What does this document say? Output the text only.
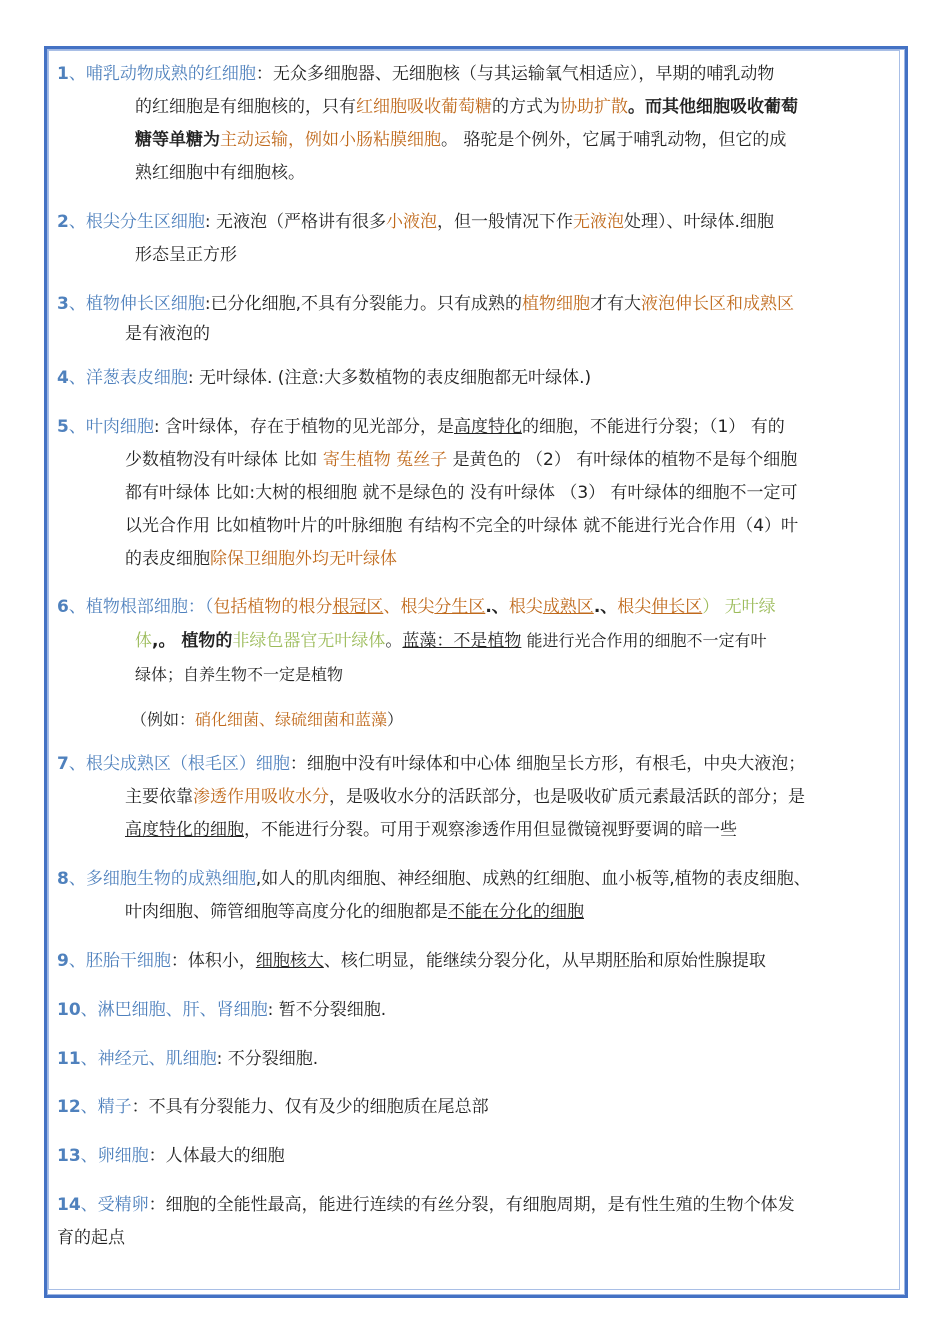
1、哺乳动物成熟的红细胞：无众多细胞器、无细胞核（与其运输氧气相适应），早期的哺乳动物
的红细胞是有细胞核的，只有红细胞吸收葡萄糖的方式为协助扩散。而其他细胞吸收葡萄
糖等单糖为主动运输，例如小肠粘膜细胞。 骆驼是个例外，它属于哺乳动物，但它的成
熟红细胞中有细胞核。
2、根尖分生区细胞: 无液泡（严格讲有很多小液泡，但一般情况下作无液泡处理）、叶绿体.细胞
形态呈正方形
3、植物伸长区细胞:已分化细胞,不具有分裂能力。只有成熟的植物细胞才有大液泡伸长区和成熟区
是有液泡的
4、洋葱表皮细胞: 无叶绿体. (注意:大多数植物的表皮细胞都无叶绿体.)
5、叶肉细胞: 含叶绿体，存在于植物的见光部分，是高度特化的细胞，不能进行分裂；（1） 有的
少数植物没有叶绿体 比如 寄生植物 菟丝子 是黄色的 （2） 有叶绿体的植物不是每个细胞
都有叶绿体 比如:大树的根细胞 就不是绿色的 没有叶绿体 （3） 有叶绿体的细胞不一定可
以光合作用 比如植物叶片的叶脉细胞 有结构不完全的叶绿体 就不能进行光合作用（4）叶
的表皮细胞除保卫细胞外均无叶绿体
6、植物根部细胞：（包括植物的根分根冠区、根尖分生区.、根尖成熟区.、根尖伸长区） 无叶绿
体,。 植物的非绿色器官无叶绿体。蓝藻：不是植物 能进行光合作用的细胞不一定有叶
绿体；自养生物不一定是植物
（例如：硝化细菌、绿硫细菌和蓝藻）
7、根尖成熟区（根毛区）细胞：细胞中没有叶绿体和中心体 细胞呈长方形，有根毛，中央大液泡；
主要依靠渗透作用吸收水分，是吸收水分的活跃部分，也是吸收矿质元素最活跃的部分；是
高度特化的细胞，不能进行分裂。可用于观察渗透作用但显微镜视野要调的暗一些
8、多细胞生物的成熟细胞,如人的肌肉细胞、神经细胞、成熟的红细胞、血小板等,植物的表皮细胞、
叶肉细胞、筛管细胞等高度分化的细胞都是不能在分化的细胞
9、胚胎干细胞：体积小，细胞核大、核仁明显，能继续分裂分化，从早期胚胎和原始性腺提取
10、淋巴细胞、肝、肾细胞: 暂不分裂细胞.
11、神经元、肌细胞: 不分裂细胞.
12、精子：不具有分裂能力、仅有及少的细胞质在尾总部
13、卵细胞：人体最大的细胞
14、受精卵：细胞的全能性最高，能进行连续的有丝分裂，有细胞周期，是有性生殖的生物个体发
育的起点
